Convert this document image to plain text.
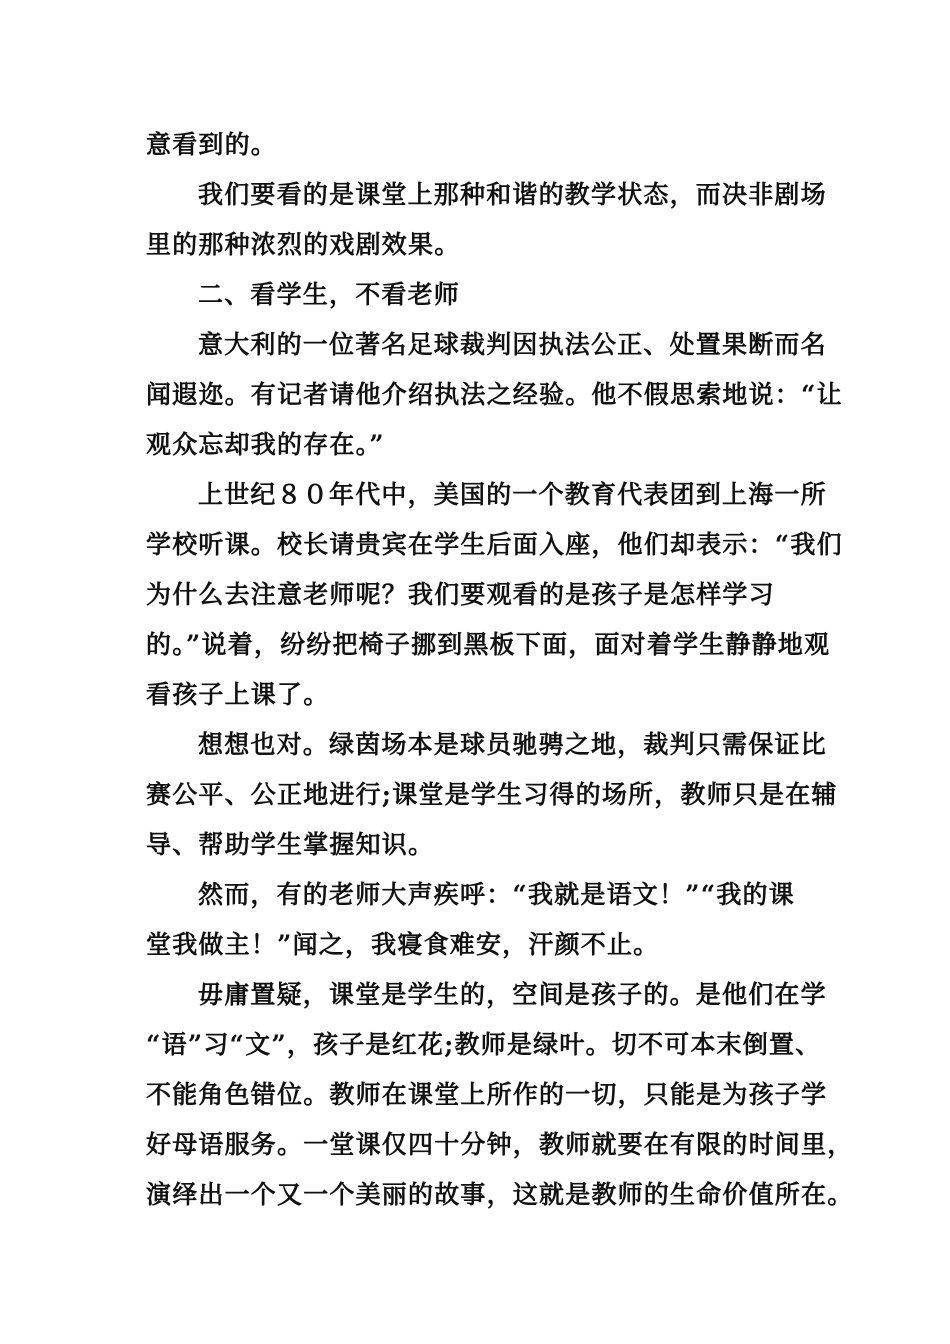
意看到的。
我们要看的是课堂上那种和谐的教学状态，而决非剧场
里的那种浓烈的戏剧效果。
二、看学生，不看老师
意大利的一位著名足球裁判因执法公正、处置果断而名
闻遐迩。有记者请他介绍执法之经验。他不假思索地说：“让
观众忘却我的存在。”
上世纪８０年代中，美国的一个教育代表团到上海一所
学校听课。校长请贵宾在学生后面入座，他们却表示：“我们
为什么去注意老师呢？我们要观看的是孩子是怎样学习
的。”说着，纷纷把椅子挪到黑板下面，面对着学生静静地观
看孩子上课了。
想想也对。绿茵场本是球员驰骋之地，裁判只需保证比
赛公平、公正地进行;课堂是学生习得的场所，教师只是在辅
导、帮助学生掌握知识。
然而，有的老师大声疾呼：“我就是语文！”“我的课
堂我做主！”闻之，我寝食难安，汗颜不止。
毋庸置疑，课堂是学生的，空间是孩子的。是他们在学
“语”习“文”，孩子是红花;教师是绿叶。切不可本末倒置、
不能角色错位。教师在课堂上所作的一切，只能是为孩子学
好母语服务。一堂课仅四十分钟，教师就要在有限的时间里，
演绎出一个又一个美丽的故事，这就是教师的生命价值所在。
